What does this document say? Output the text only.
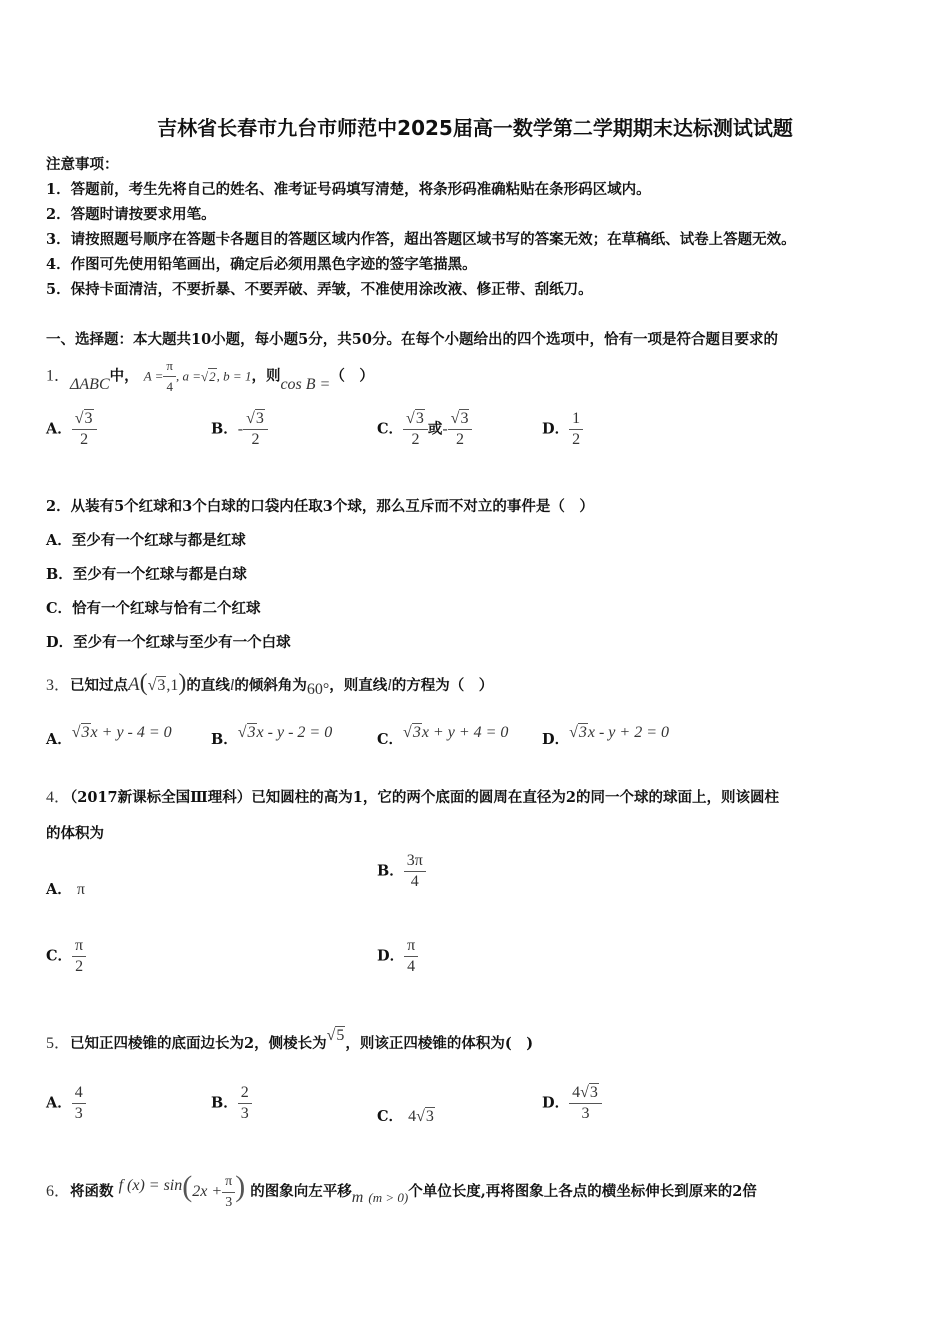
吉林省长春市九台市师范中2025届高一数学第二学期期末达标测试试题
注意事项：
1．答题前，考生先将自己的姓名、准考证号码填写清楚，将条形码准确粘贴在条形码区域内。
2．答题时请按要求用笔。
3．请按照题号顺序在答题卡各题目的答题区域内作答，超出答题区域书写的答案无效；在草稿纸、试卷上答题无效。
4．作图可先使用铅笔画出，确定后必须用黑色字迹的签字笔描黑。
5．保持卡面清洁，不要折暴、不要弄破、弄皱，不准使用涂改液、修正带、刮纸刀。
一、选择题：本大题共10小题，每小题5分，共50分。在每个小题给出的四个选项中，恰有一项是符合题目要求的
1．ΔABC中， $A = \frac{\pi}{4}$ , a =√2, b = 1，则cos B =（　）
A． $\frac{√3}{2}$	B．- $\frac{√3}{2}$	C． $\frac{√3}{2}$ 或- $\frac{√3}{2}$	D． $\frac{1}{2}$
2．从装有5个红球和3个白球的口袋内任取3个球，那么互斥而不对立的事件是（　）
A．至少有一个红球与都是红球
B．至少有一个红球与都是白球
C．恰有一个红球与恰有二个红球
D．至少有一个红球与至少有一个白球
3．已知过点A(√3,1)的直线l的倾斜角为60°，则直线l的方程为（　）
A．√3x + y - 4 = 0	B．√3x - y - 2 = 0	C．√3x + y + 4 = 0 D．√3x - y + 2 = 0
4．（2017新课标全国Ⅲ理科）已知圆柱的高为1，它的两个底面的圆周在直径为2的同一个球的球面上，则该圆柱
的体积为
A． π
B． $\frac{3\pi}{4}$
C． $\frac{\pi}{2}$	D． $\frac{\pi}{4}$
5．已知正四棱锥的底面边长为2，侧棱长为√5，则该正四棱锥的体积为(　)
A． $\frac{4}{3}$	B． $\frac{2}{3}$	C． 4√3
D． $\frac{4√3}{3}$
6．将函数 f $(x) = \sin(2x + \frac{\pi}{3}$ ) 的图象向左平移m (m > 0)个单位长度,再将图象上各点的横坐标伸长到原来的2倍
